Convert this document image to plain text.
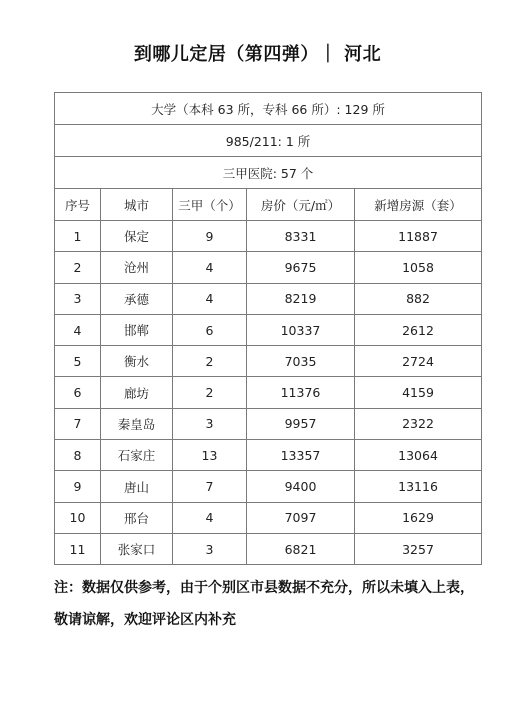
到哪儿定居（第四弹）｜ 河北
大学（本科 63 所，专科 66 所）: 129 所				
985/211: 1 所				
三甲医院: 57 个				
序号	城市	三甲（个）	房价（元/㎡）	新增房源（套）
1	保定	9	8331	11887
2	沧州	4	9675	1058
3	承德	4	8219	882
4	邯郸	6	10337	2612
5	衡水	2	7035	2724
6	廊坊	2	11376	4159
7	秦皇岛	3	9957	2322
8	石家庄	13	13357	13064
9	唐山	7	9400	13116
10	邢台	4	7097	1629
11	张家口	3	6821	3257
注：数据仅供参考，由于个别区市县数据不充分，所以未填入上表，敬请谅解，欢迎评论区内补充
